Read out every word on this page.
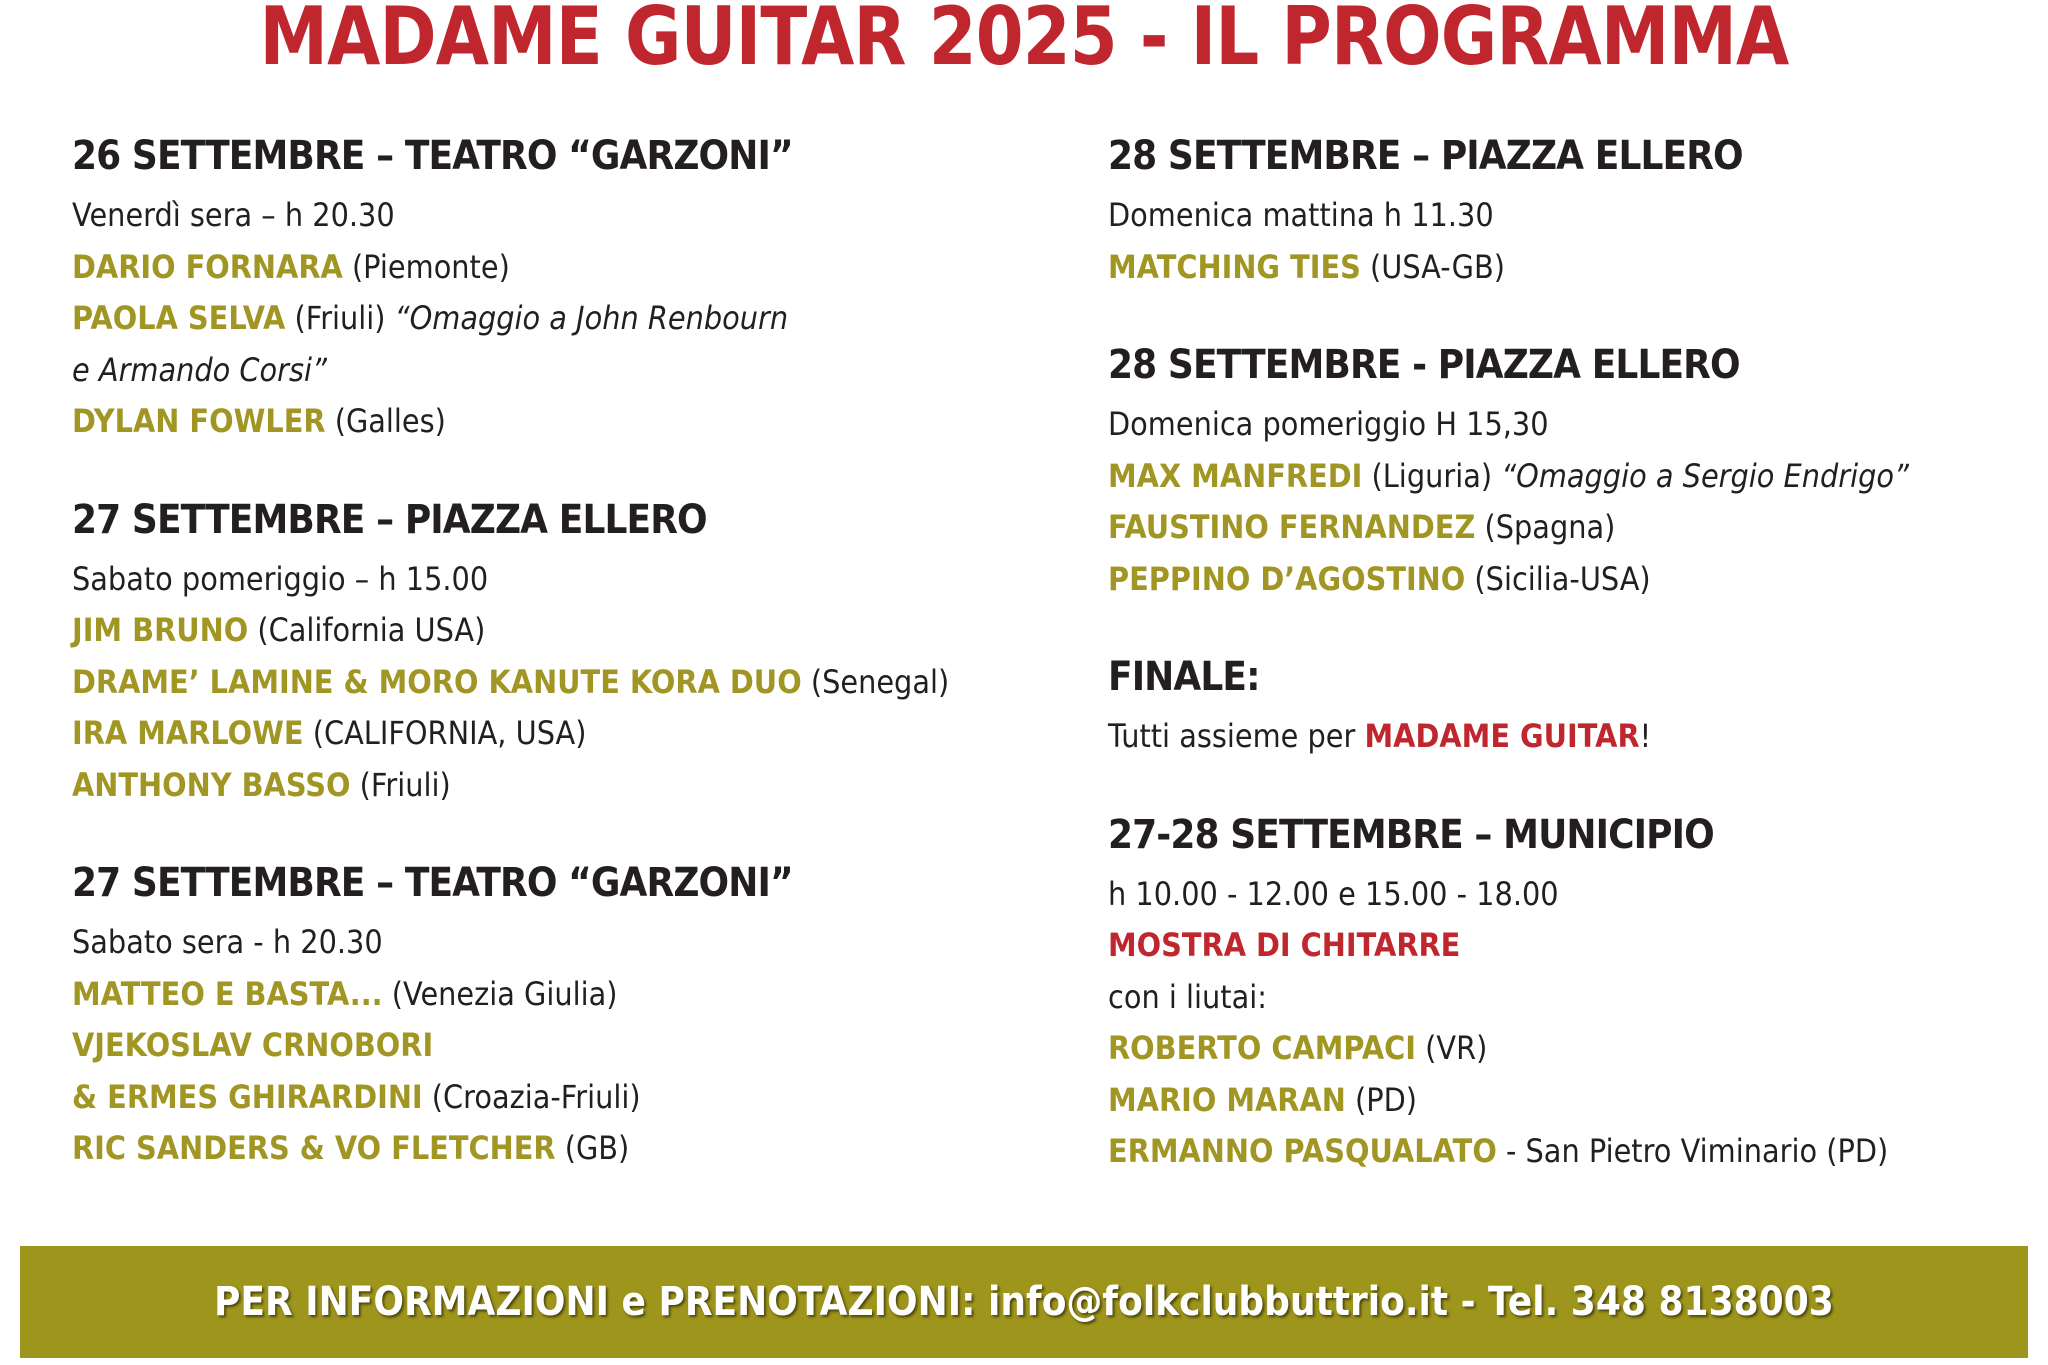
MADAME GUITAR 2025 - IL PROGRAMMA
26 SETTEMBRE – TEATRO “GARZONI”
Venerdì sera – h 20.30
DARIO FORNARA (Piemonte)
PAOLA SELVA (Friuli) “Omaggio a John Renbourn
e Armando Corsi”
DYLAN FOWLER (Galles)
27 SETTEMBRE – PIAZZA ELLERO
Sabato pomeriggio – h 15.00
JIM BRUNO (California USA)
DRAME’ LAMINE & MORO KANUTE KORA DUO (Senegal)
IRA MARLOWE (CALIFORNIA, USA)
ANTHONY BASSO (Friuli)
27 SETTEMBRE – TEATRO “GARZONI”
Sabato sera - h 20.30
MATTEO E BASTA... (Venezia Giulia)
VJEKOSLAV CRNOBORI
& ERMES GHIRARDINI (Croazia-Friuli)
RIC SANDERS & VO FLETCHER (GB)
28 SETTEMBRE – PIAZZA ELLERO
Domenica mattina h 11.30
MATCHING TIES (USA-GB)
28 SETTEMBRE - PIAZZA ELLERO
Domenica pomeriggio H 15,30
MAX MANFREDI (Liguria) “Omaggio a Sergio Endrigo”
FAUSTINO FERNANDEZ (Spagna)
PEPPINO D’AGOSTINO (Sicilia-USA)
FINALE:
Tutti assieme per MADAME GUITAR!
27-28 SETTEMBRE – MUNICIPIO
h 10.00 - 12.00 e 15.00 - 18.00
MOSTRA DI CHITARRE
con i liutai:
ROBERTO CAMPACI (VR)
MARIO MARAN (PD)
ERMANNO PASQUALATO - San Pietro Viminario (PD)
PER INFORMAZIONI e PRENOTAZIONI: info@folkclubbuttrio.it - Tel. 348 8138003
